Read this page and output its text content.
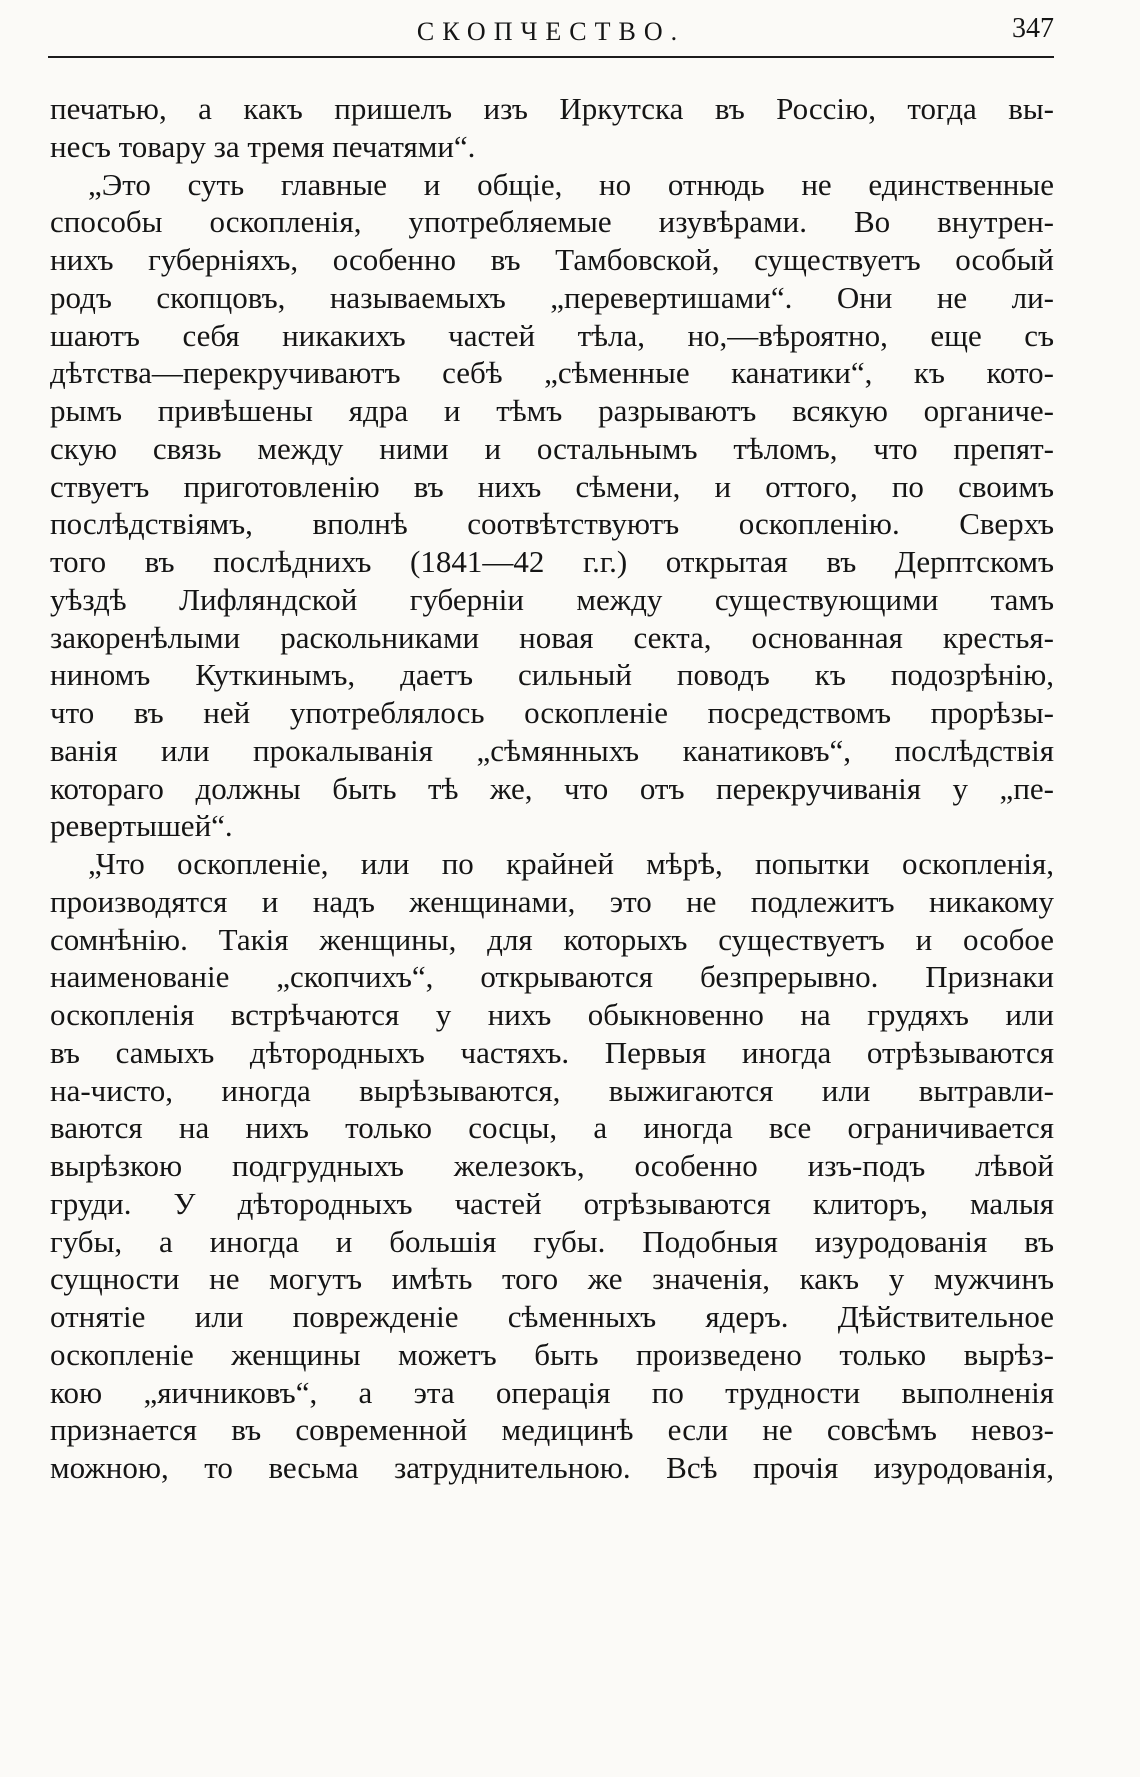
СКОПЧЕСТВО.	347
печатью, а какъ пришелъ изъ Иркутска въ Россію, тогда вы-
несъ товару за тремя печатями“.
„Это суть главные и общіе, но отнюдь не единственные
способы оскопленія, употребляемые изувѣрами. Во внутрен-
нихъ губерніяхъ, особенно въ Тамбовской, существуетъ особый
родъ скопцовъ, называемыхъ „перевертишами“. Они не ли-
шаютъ себя никакихъ частей тѣла, но,—вѣроятно, еще съ
дѣтства—перекручиваютъ себѣ „сѣменные канатики“, къ кото-
рымъ привѣшены ядра и тѣмъ разрываютъ всякую органиче-
скую связь между ними и остальнымъ тѣломъ, что препят-
ствуетъ приготовленію въ нихъ сѣмени, и оттого, по своимъ
послѣдствіямъ, вполнѣ соотвѣтствуютъ оскопленію. Сверхъ
того въ послѣднихъ (1841—42 г.г.) открытая въ Дерптскомъ
уѣздѣ Лифляндской губерніи между существующими тамъ
закоренѣлыми раскольниками новая секта, основанная крестья-
ниномъ Куткинымъ, даетъ сильный поводъ къ подозрѣнію,
что въ ней употреблялось оскопленіе посредствомъ прорѣзы-
ванія или прокалыванія „сѣмянныхъ канатиковъ“, послѣдствія
котораго должны быть тѣ же, что отъ перекручиванія у „пе-
ревертышей“.
„Что оскопленіе, или по крайней мѣрѣ, попытки оскопленія,
производятся и надъ женщинами, это не подлежитъ никакому
сомнѣнію. Такія женщины, для которыхъ существуетъ и особое
наименованіе „скопчихъ“, открываются безпрерывно. Признаки
оскопленія встрѣчаются у нихъ обыкновенно на грудяхъ или
въ самыхъ дѣтородныхъ частяхъ. Первыя иногда отрѣзываются
на-чисто, иногда вырѣзываются, выжигаются или вытравли-
ваются на нихъ только сосцы, а иногда все ограничивается
вырѣзкою подгрудныхъ железокъ, особенно изъ-подъ лѣвой
груди. У дѣтородныхъ частей отрѣзываются клиторъ, малыя
губы, а иногда и большія губы. Подобныя изуродованія въ
сущности не могутъ имѣть того же значенія, какъ у мужчинъ
отнятіе или поврежденіе сѣменныхъ ядеръ. Дѣйствительное
оскопленіе женщины можетъ быть произведено только вырѣз-
кою „яичниковъ“, а эта операція по трудности выполненія
признается въ современной медицинѣ если не совсѣмъ невоз-
можною, то весьма затруднительною. Всѣ прочія изуродованія,
